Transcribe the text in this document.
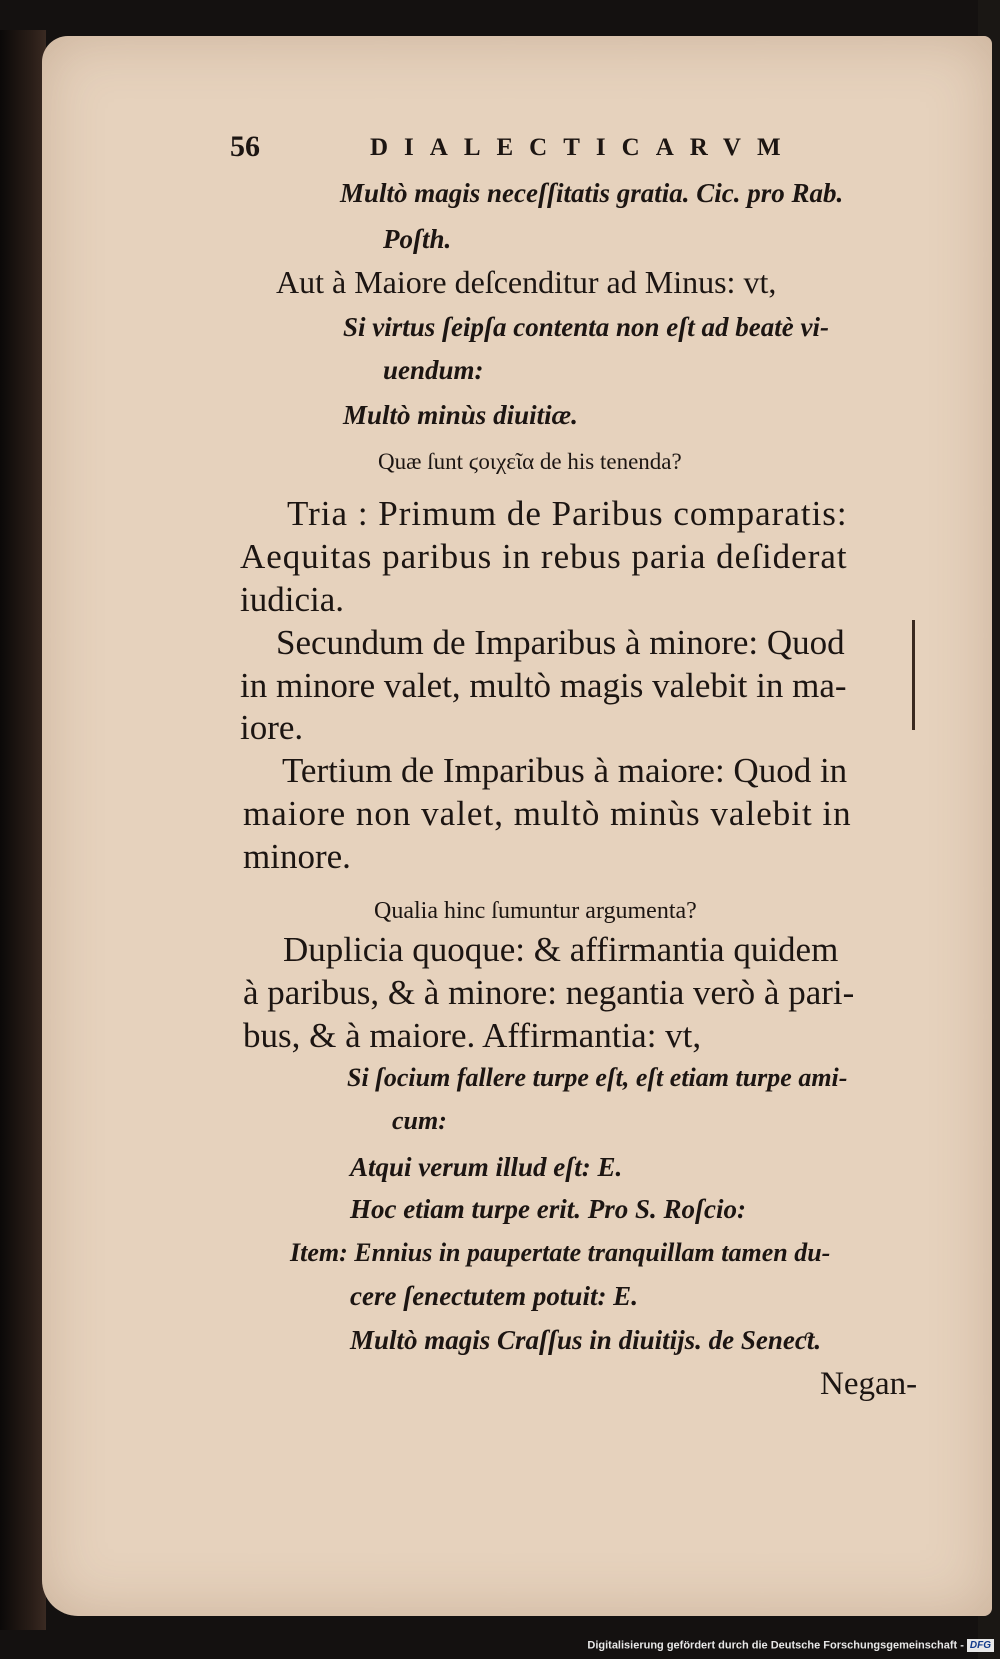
56	DIALECTICARVM
Multò magis neceſſitatis gratia. Cic. pro Rab.
Poſth.
Aut à Maiore deſcenditur ad Minus: vt,
Si virtus ſeipſa contenta non eſt ad beatè vi-
uendum:
Multò minùs diuitiæ.
Quæ ſunt ϛοιχεῖα de his tenenda?
Tria : Primum de Paribus comparatis:
Aequitas paribus in rebus paria deſiderat
iudicia.
Secundum de Imparibus à minore: Quod
in minore valet, multò magis valebit in ma-
iore.
Tertium de Imparibus à maiore: Quod in
maiore non valet, multò minùs valebit in
minore.
Qualia hinc ſumuntur argumenta?
Duplicia quoque: & affirmantia quidem
à paribus, & à minore: negantia verò à pari-
bus, & à maiore. Affirmantia: vt,
Si ſocium fallere turpe eſt, eſt etiam turpe ami-
cum:
Atqui verum illud eſt: E.
Hoc etiam turpe erit. Pro S. Roſcio:
Item: Ennius in paupertate tranquillam tamen du-
cere ſenectutem potuit: E.
Multò magis Craſſus in diuitijs. de Seneƈt.
Negan-
Digitalisierung gefördert durch die Deutsche Forschungsgemeinschaft - DFG
